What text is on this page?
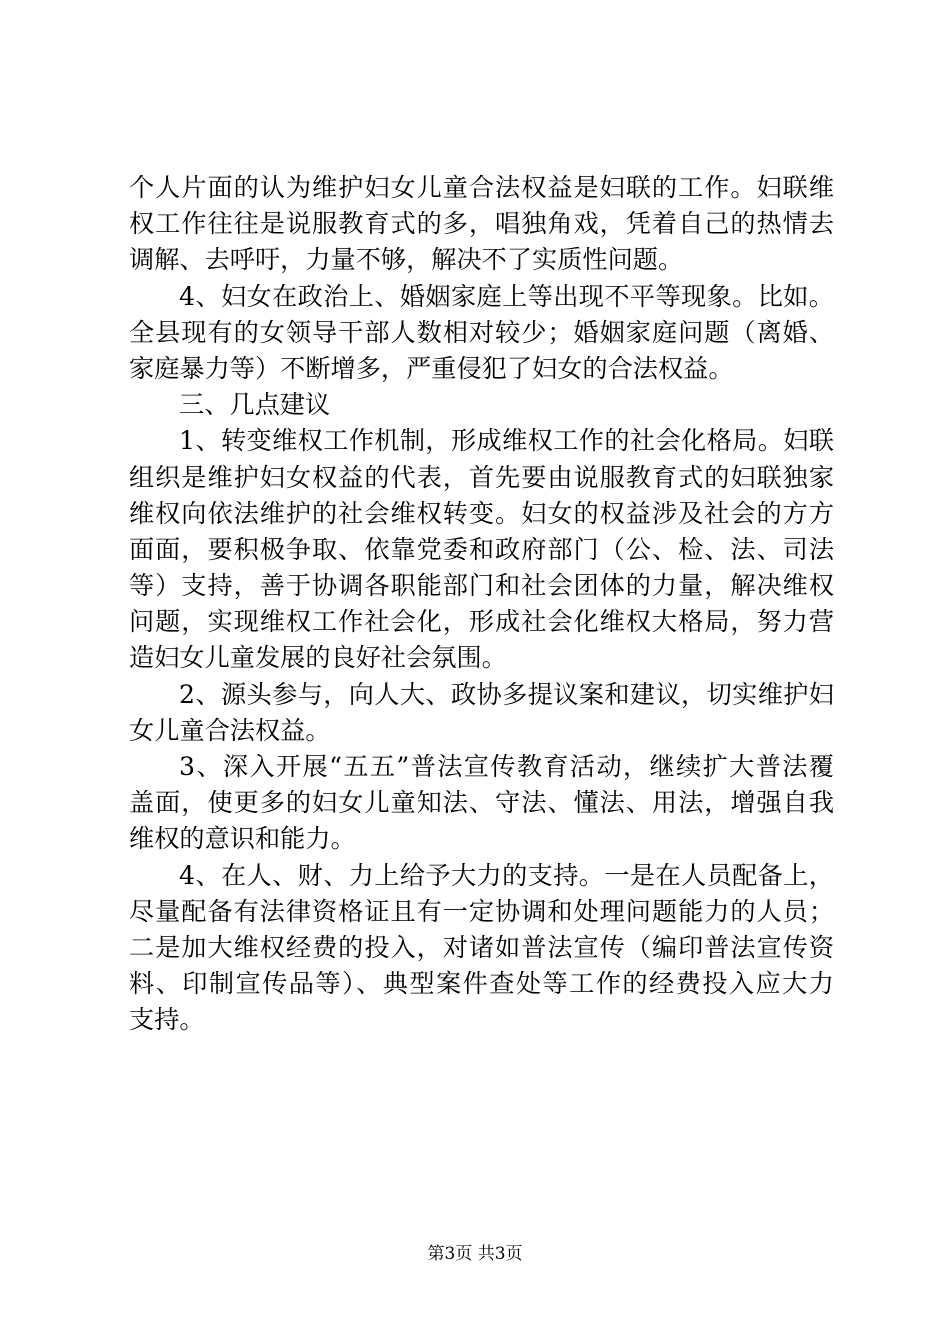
个人片面的认为维护妇女儿童合法权益是妇联的工作。妇联维
权工作往往是说服教育式的多，唱独角戏，凭着自己的热情去
调解、去呼吁，力量不够，解决不了实质性问题。
4、妇女在政治上、婚姻家庭上等出现不平等现象。比如。
全县现有的女领导干部人数相对较少；婚姻家庭问题（离婚、
家庭暴力等）不断增多，严重侵犯了妇女的合法权益。
三、几点建议
1、转变维权工作机制，形成维权工作的社会化格局。妇联
组织是维护妇女权益的代表，首先要由说服教育式的妇联独家
维权向依法维护的社会维权转变。妇女的权益涉及社会的方方
面面，要积极争取、依靠党委和政府部门（公、检、法、司法
等）支持，善于协调各职能部门和社会团体的力量，解决维权
问题，实现维权工作社会化，形成社会化维权大格局，努力营
造妇女儿童发展的良好社会氛围。
2、源头参与，向人大、政协多提议案和建议，切实维护妇
女儿童合法权益。
3、深入开展“五五”普法宣传教育活动，继续扩大普法覆
盖面，使更多的妇女儿童知法、守法、懂法、用法，增强自我
维权的意识和能力。
4、在人、财、力上给予大力的支持。一是在人员配备上，
尽量配备有法律资格证且有一定协调和处理问题能力的人员；
二是加大维权经费的投入，对诸如普法宣传（编印普法宣传资
料、印制宣传品等）、典型案件查处等工作的经费投入应大力
支持。
第3页 共3页
